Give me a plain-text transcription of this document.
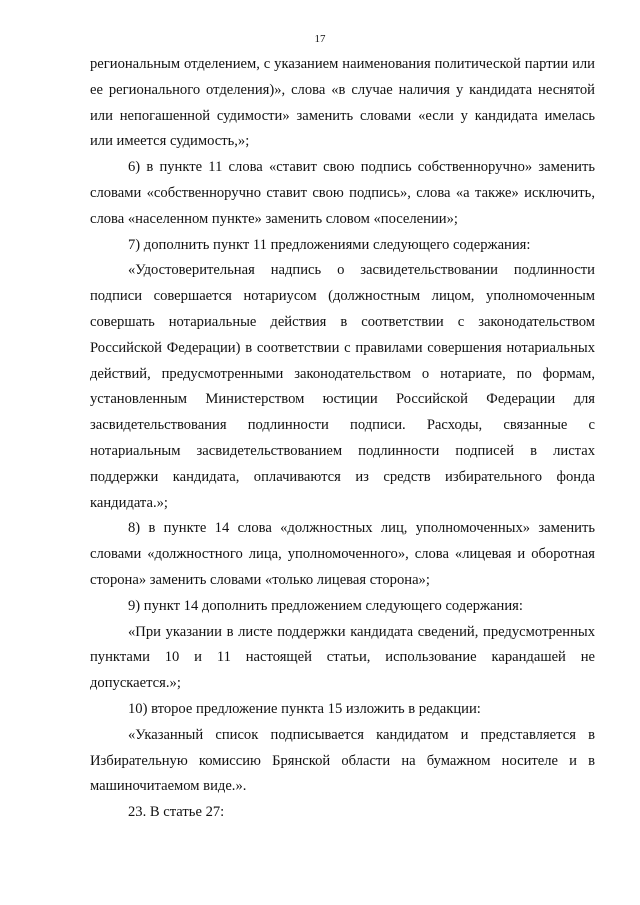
17

региональным отделением, с указанием наименования политической партии или ее регионального отделения)», слова «в случае наличия у кандидата неснятой или непогашенной судимости» заменить словами «если у кандидата имелась или имеется судимость,»;

6) в пункте 11 слова «ставит свою подпись собственноручно» заменить словами «собственноручно ставит свою подпись», слова «а также» исключить, слова «населенном пункте» заменить словом «поселении»;

7) дополнить пункт 11 предложениями следующего содержания:

«Удостоверительная надпись о засвидетельствовании подлинности подписи совершается нотариусом (должностным лицом, уполномоченным совершать нотариальные действия в соответствии с законодательством Российской Федерации) в соответствии с правилами совершения нотариальных действий, предусмотренными законодательством о нотариате, по формам, установленным Министерством юстиции Российской Федерации для засвидетельствования подлинности подписи. Расходы, связанные с нотариальным засвидетельствованием подлинности подписей в листах поддержки кандидата, оплачиваются из средств избирательного фонда кандидата.»;

8) в пункте 14 слова «должностных лиц, уполномоченных» заменить словами «должностного лица, уполномоченного», слова «лицевая и оборотная сторона» заменить словами «только лицевая сторона»;

9) пункт 14 дополнить предложением следующего содержания:

«При указании в листе поддержки кандидата сведений, предусмотренных пунктами 10 и 11 настоящей статьи, использование карандашей не допускается.»;

10) второе предложение пункта 15 изложить в редакции:

«Указанный список подписывается кандидатом и представляется в Избирательную комиссию Брянской области на бумажном носителе и в машиночитаемом виде.».

23. В статье 27:
